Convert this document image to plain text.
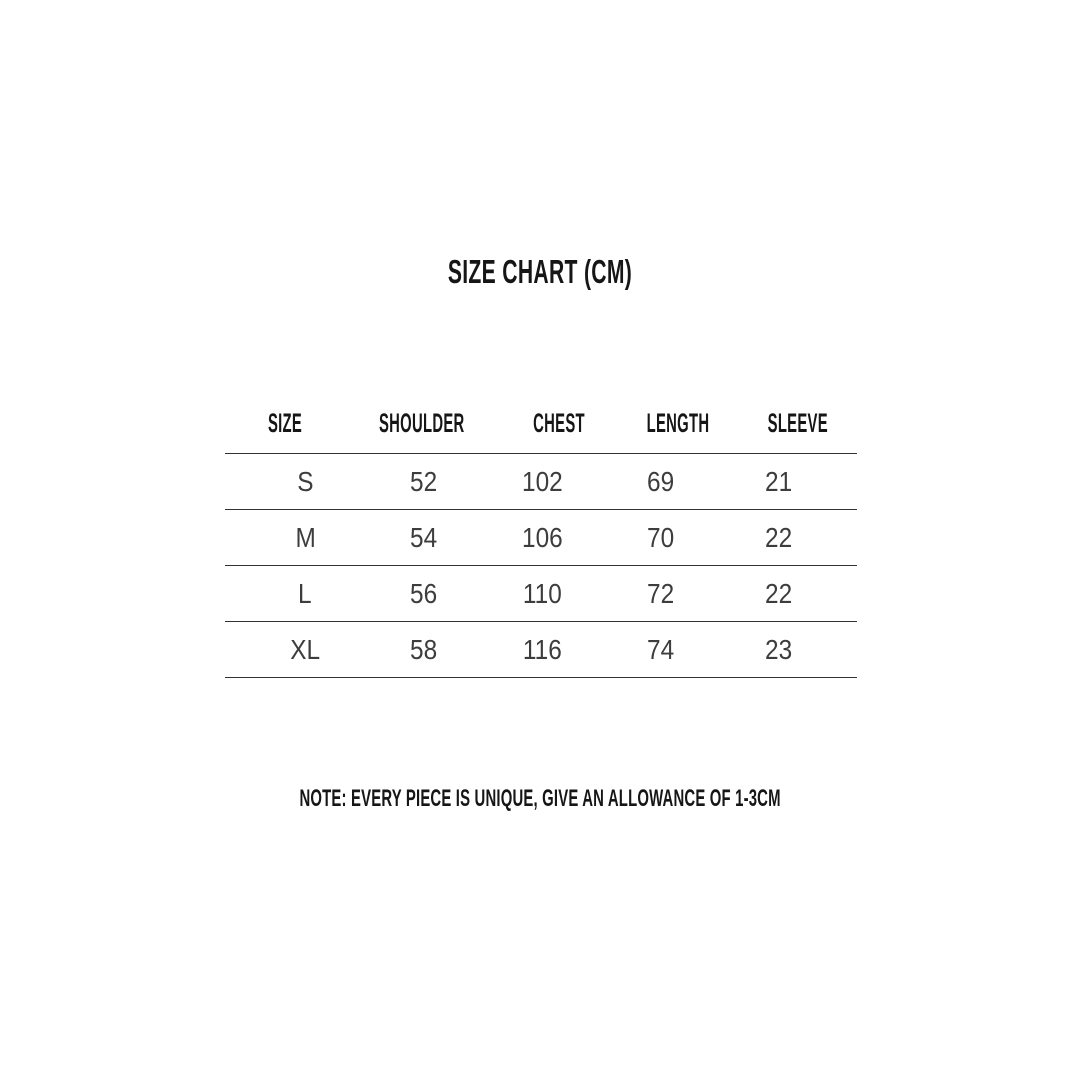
SIZE CHART (CM)
SIZE	SHOULDER	CHEST	LENGTH	SLEEVE
S	52	102	69	21
M	54	106	70	22
L	56	110	72	22
XL	58	116	74	23
NOTE: EVERY PIECE IS UNIQUE, GIVE AN ALLOWANCE OF 1-3CM
